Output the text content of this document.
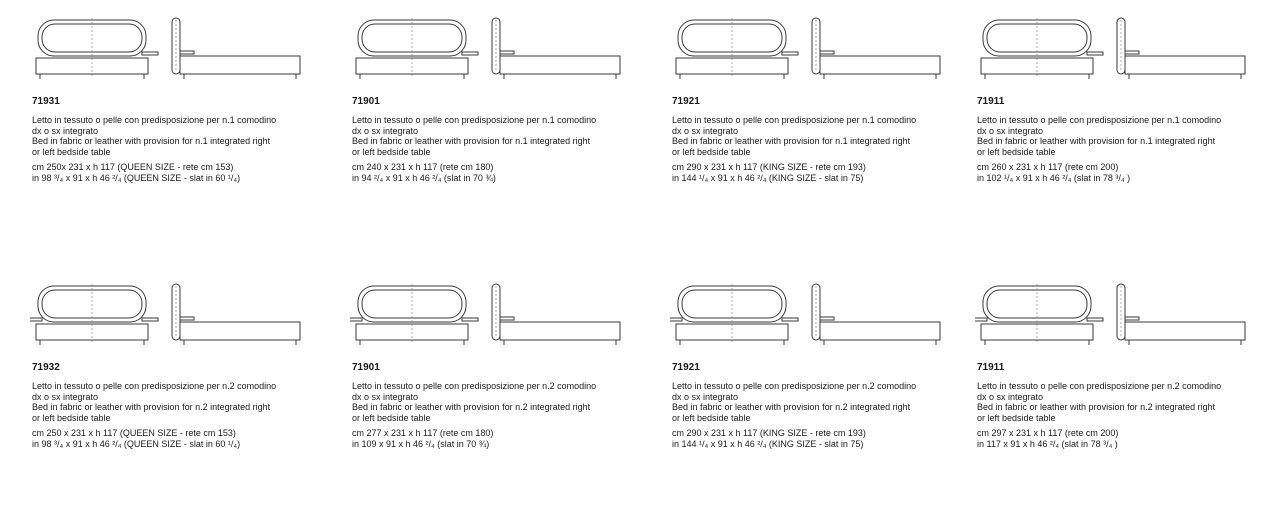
71931
Letto in tessuto o pelle con predisposizione per n.1 comodino
dx o sx integrato
Bed in fabric or leather with provision for n.1 integrated right
or left bedside table
cm 250x 231 x h 117 (QUEEN SIZE - rete cm 153)
in 98 ³/₄ x 91 x h 46 ²/₄ (QUEEN SIZE - slat in 60 ¹/₄)
71901
Letto in tessuto o pelle con predisposizione per n.1 comodino
dx o sx integrato
Bed in fabric or leather with provision for n.1 integrated right
or left bedside table
cm 240 x 231 x h 117 (rete cm 180)
in 94 ²/₄ x 91 x h 46 ²/₄ (slat in 70 ¾)
71921
Letto in tessuto o pelle con predisposizione per n.1 comodino
dx o sx integrato
Bed in fabric or leather with provision for n.1 integrated right
or left bedside table
cm 290 x 231 x h 117 (KING SIZE - rete cm 193)
in 144 ¹/₄ x 91 x h 46 ²/₄ (KING SIZE - slat in 75)
71911
Letto in tessuto o pelle con predisposizione per n.1 comodino
dx o sx integrato
Bed in fabric or leather with provision for n.1 integrated right
or left bedside table
cm 260 x 231 x h 117 (rete cm 200)
in 102 ¹/₄ x 91 x h 46 ²/₄ (slat in 78 ³/₄ )
71932
Letto in tessuto o pelle con predisposizione per n.2 comodino
dx o sx integrato
Bed in fabric or leather with provision for n.2 integrated right
or left bedside table
cm 250 x 231 x h 117 (QUEEN SIZE - rete cm 153)
in 98 ³/₄ x 91 x h 46 ²/₄ (QUEEN SIZE - slat in 60 ¹/₄)
71901
Letto in tessuto o pelle con predisposizione per n.2 comodino
dx o sx integrato
Bed in fabric or leather with provision for n.2 integrated right
or left bedside table
cm 277 x 231 x h 117 (rete cm 180)
in 109 x 91 x h 46 ²/₄ (slat in 70 ¾)
71921
Letto in tessuto o pelle con predisposizione per n.2 comodino
dx o sx integrato
Bed in fabric or leather with provision for n.2 integrated right
or left bedside table
cm 290 x 231 x h 117 (KING SIZE - rete cm 193)
in 144 ¹/₄ x 91 x h 46 ²/₄ (KING SIZE - slat in 75)
71911
Letto in tessuto o pelle con predisposizione per n.2 comodino
dx o sx integrato
Bed in fabric or leather with provision for n.2 integrated right
or left bedside table
cm 297 x 231 x h 117 (rete cm 200)
in 117 x 91 x h 46 ²/₄ (slat in 78 ³/₄ )
